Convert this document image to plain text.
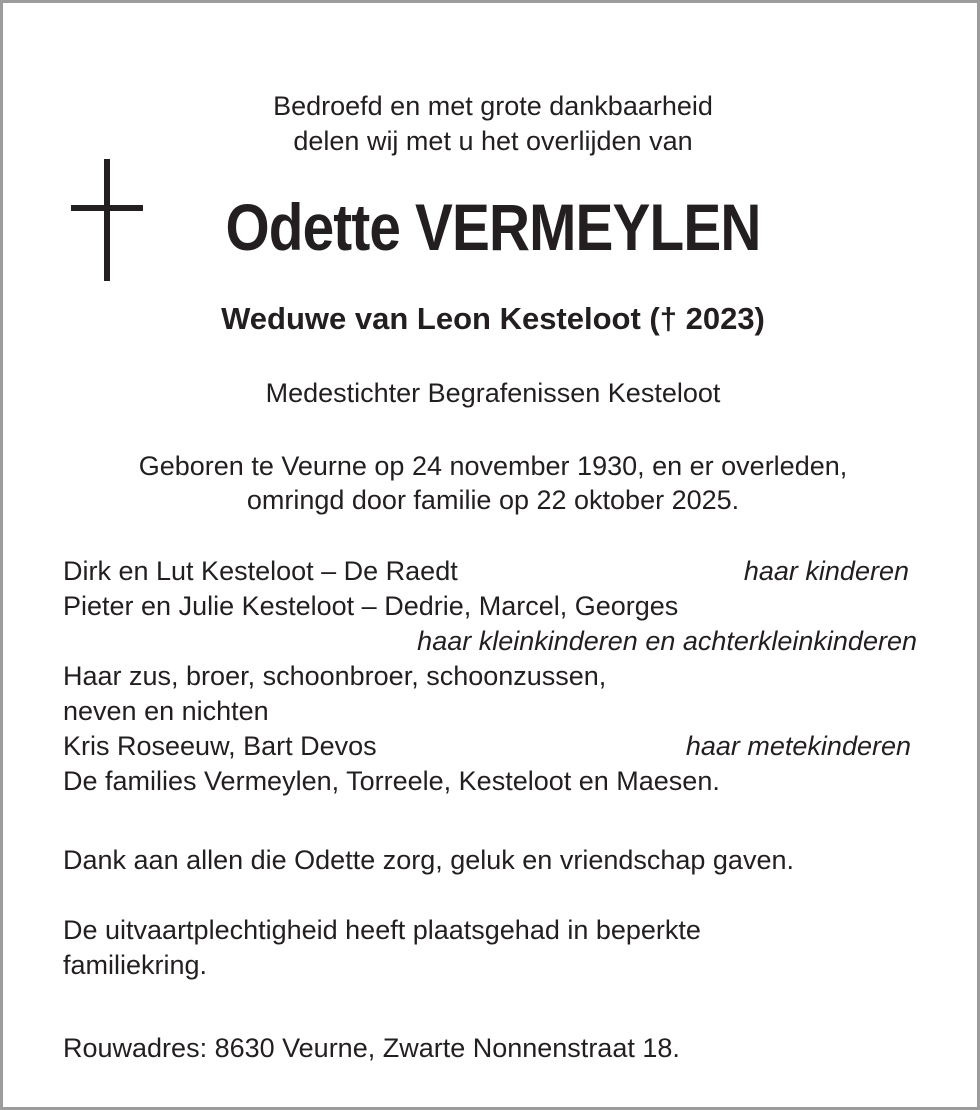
Bedroefd en met grote dankbaarheid

delen wij met u het overlijden van

Odette VERMEYLEN

Weduwe van Leon Kesteloot († 2023)

Medestichter Begrafenissen Kesteloot

Geboren te Veurne op 24 november 1930, en er overleden,

omringd door familie op 22 oktober 2025.

Dirk en Lut Kesteloot – De Raedt	haar kinderen

Pieter en Julie Kesteloot – Dedrie, Marcel, Georges

haar kleinkinderen en achterkleinkinderen

Haar zus, broer, schoonbroer, schoonzussen,

neven en nichten

Kris Roseeuw, Bart Devos	haar metekinderen

De families Vermeylen, Torreele, Kesteloot en Maesen.

Dank aan allen die Odette zorg, geluk en vriendschap gaven.

De uitvaartplechtigheid heeft plaatsgehad in beperkte

familiekring.

Rouwadres: 8630 Veurne, Zwarte Nonnenstraat 18.
